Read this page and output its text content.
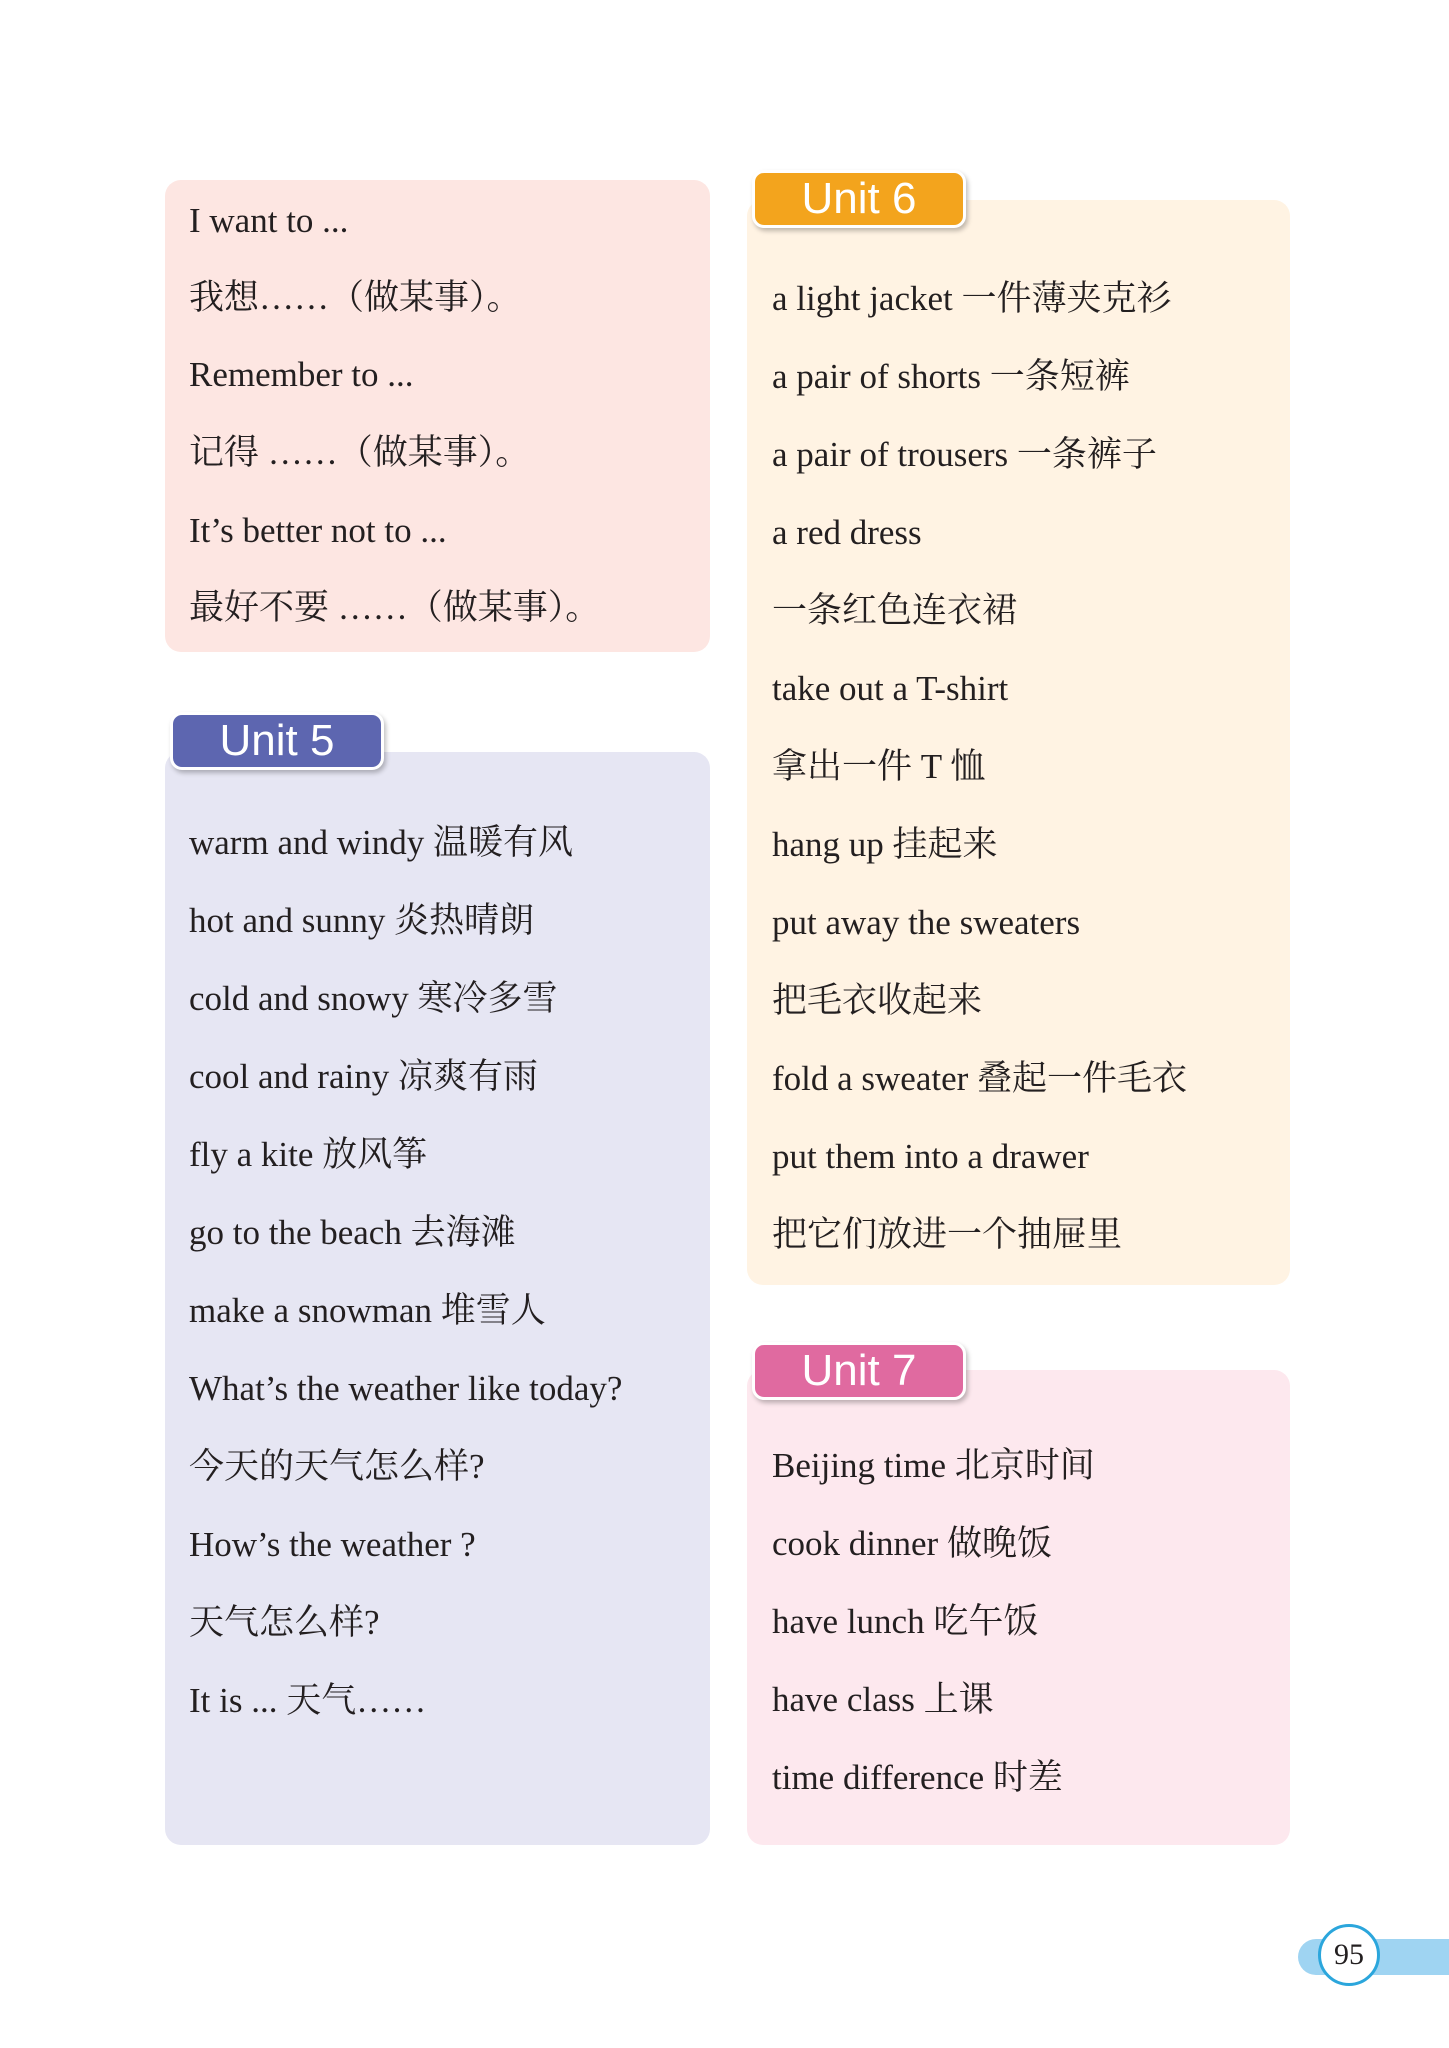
Unit 5
Unit 6
Unit 7
I want to ...
我想……（做某事）。
Remember to ...
记得 ……（做某事）。
It’s better not to ...
最好不要 ……（做某事）。
warm and windy 温暖有风
hot and sunny 炎热晴朗
cold and snowy 寒冷多雪
cool and rainy 凉爽有雨
fly a kite 放风筝
go to the beach 去海滩
make a snowman 堆雪人
What’s the weather like today?
今天的天气怎么样?
How’s the weather ?
天气怎么样?
It is ... 天气……
a light jacket 一件薄夹克衫
a pair of shorts 一条短裤
a pair of trousers 一条裤子
a red dress
一条红色连衣裙
take out a T-shirt
拿出一件 T 恤
hang up 挂起来
put away the sweaters
把毛衣收起来
fold a sweater 叠起一件毛衣
put them into a drawer
把它们放进一个抽屉里
Beijing time 北京时间
cook dinner 做晚饭
have lunch 吃午饭
have class 上课
time difference 时差
95
